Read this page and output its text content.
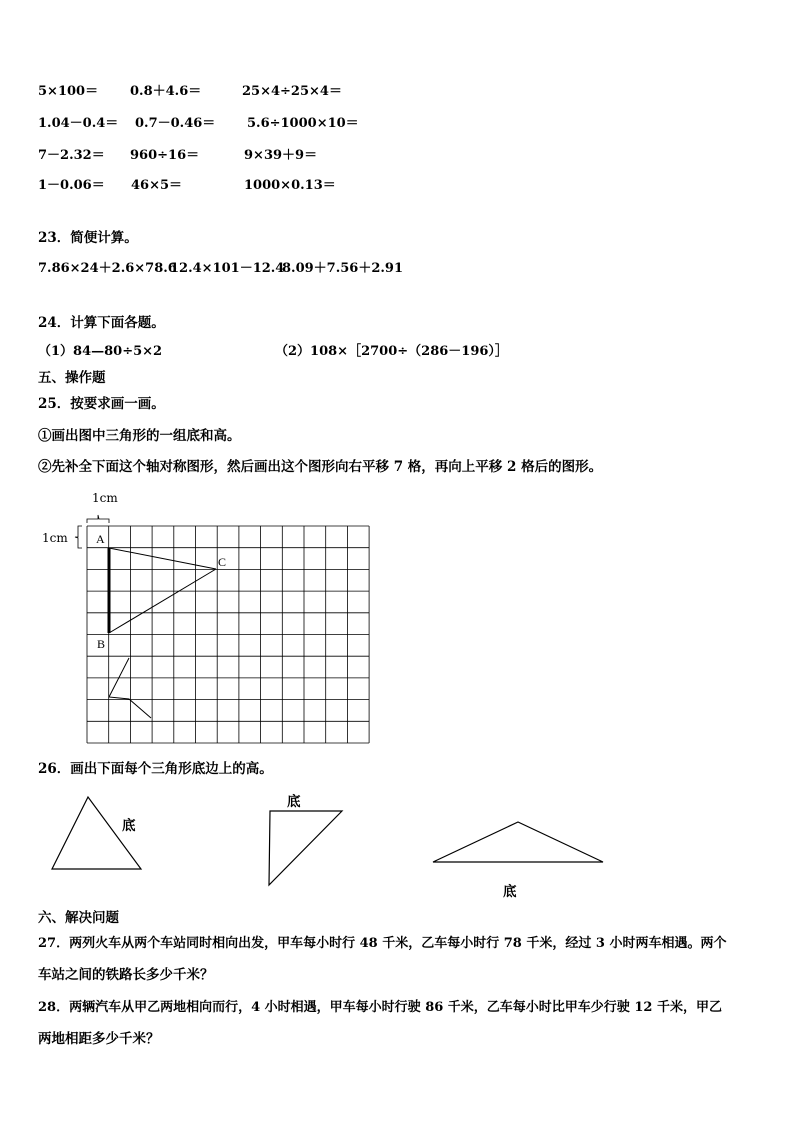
5×100＝ 0.8＋4.6＝	25×4÷25×4＝
1.04－0.4＝ 0.7－0.46＝ 5.6÷1000×10＝
7－2.32＝ 960÷16＝	9×39＋9＝
1－0.06＝ 46×5＝	1000×0.13＝
23．简便计算。
7.86×24＋2.6×78.6
12.4×101－12.4
8.09＋7.56＋2.91
24．计算下面各题。
（1）84—80÷5×2	（2）108×［2700÷（286－196）］
五、操作题
25．按要求画一画。
①画出图中三角形的一组底和高。
②先补全下面这个轴对称图形，然后画出这个图形向右平移 7 格，再向上平移 2 格后的图形。
1cm
1cm A
B
C
26．画出下面每个三角形底边上的高。
底
底
底
六、解决问题
27．两列火车从两个车站同时相向出发，甲车每小时行 48 千米，乙车每小时行 78 千米，经过 3 小时两车相遇。两个
车站之间的铁路长多少千米？
28．两辆汽车从甲乙两地相向而行，4 小时相遇，甲车每小时行驶 86 千米，乙车每小时比甲车少行驶 12 千米，甲乙
两地相距多少千米？
